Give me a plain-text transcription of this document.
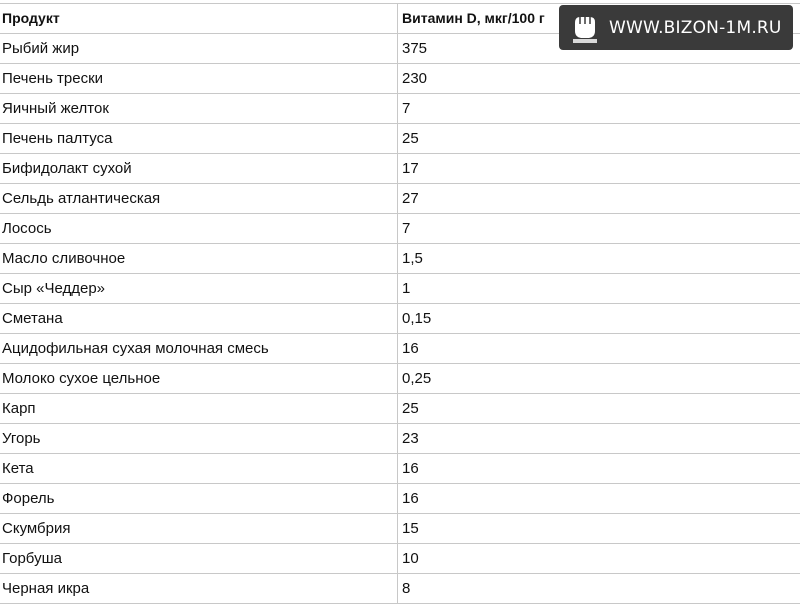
Продукт	Витамин D, мкг/100 г
Рыбий жир	375
Печень трески	230
Яичный желток	7
Печень палтуса	25
Бифидолакт сухой	17
Сельдь атлантическая	27
Лосось	7
Масло сливочное	1,5
Сыр «Чеддер»	1
Сметана	0,15
Ацидофильная сухая молочная смесь	16
Молоко сухое цельное	0,25
Карп	25
Угорь	23
Кета	16
Форель	16
Скумбрия	15
Горбуша	10
Черная икра	8
WWW.BIZON-1M.RU
